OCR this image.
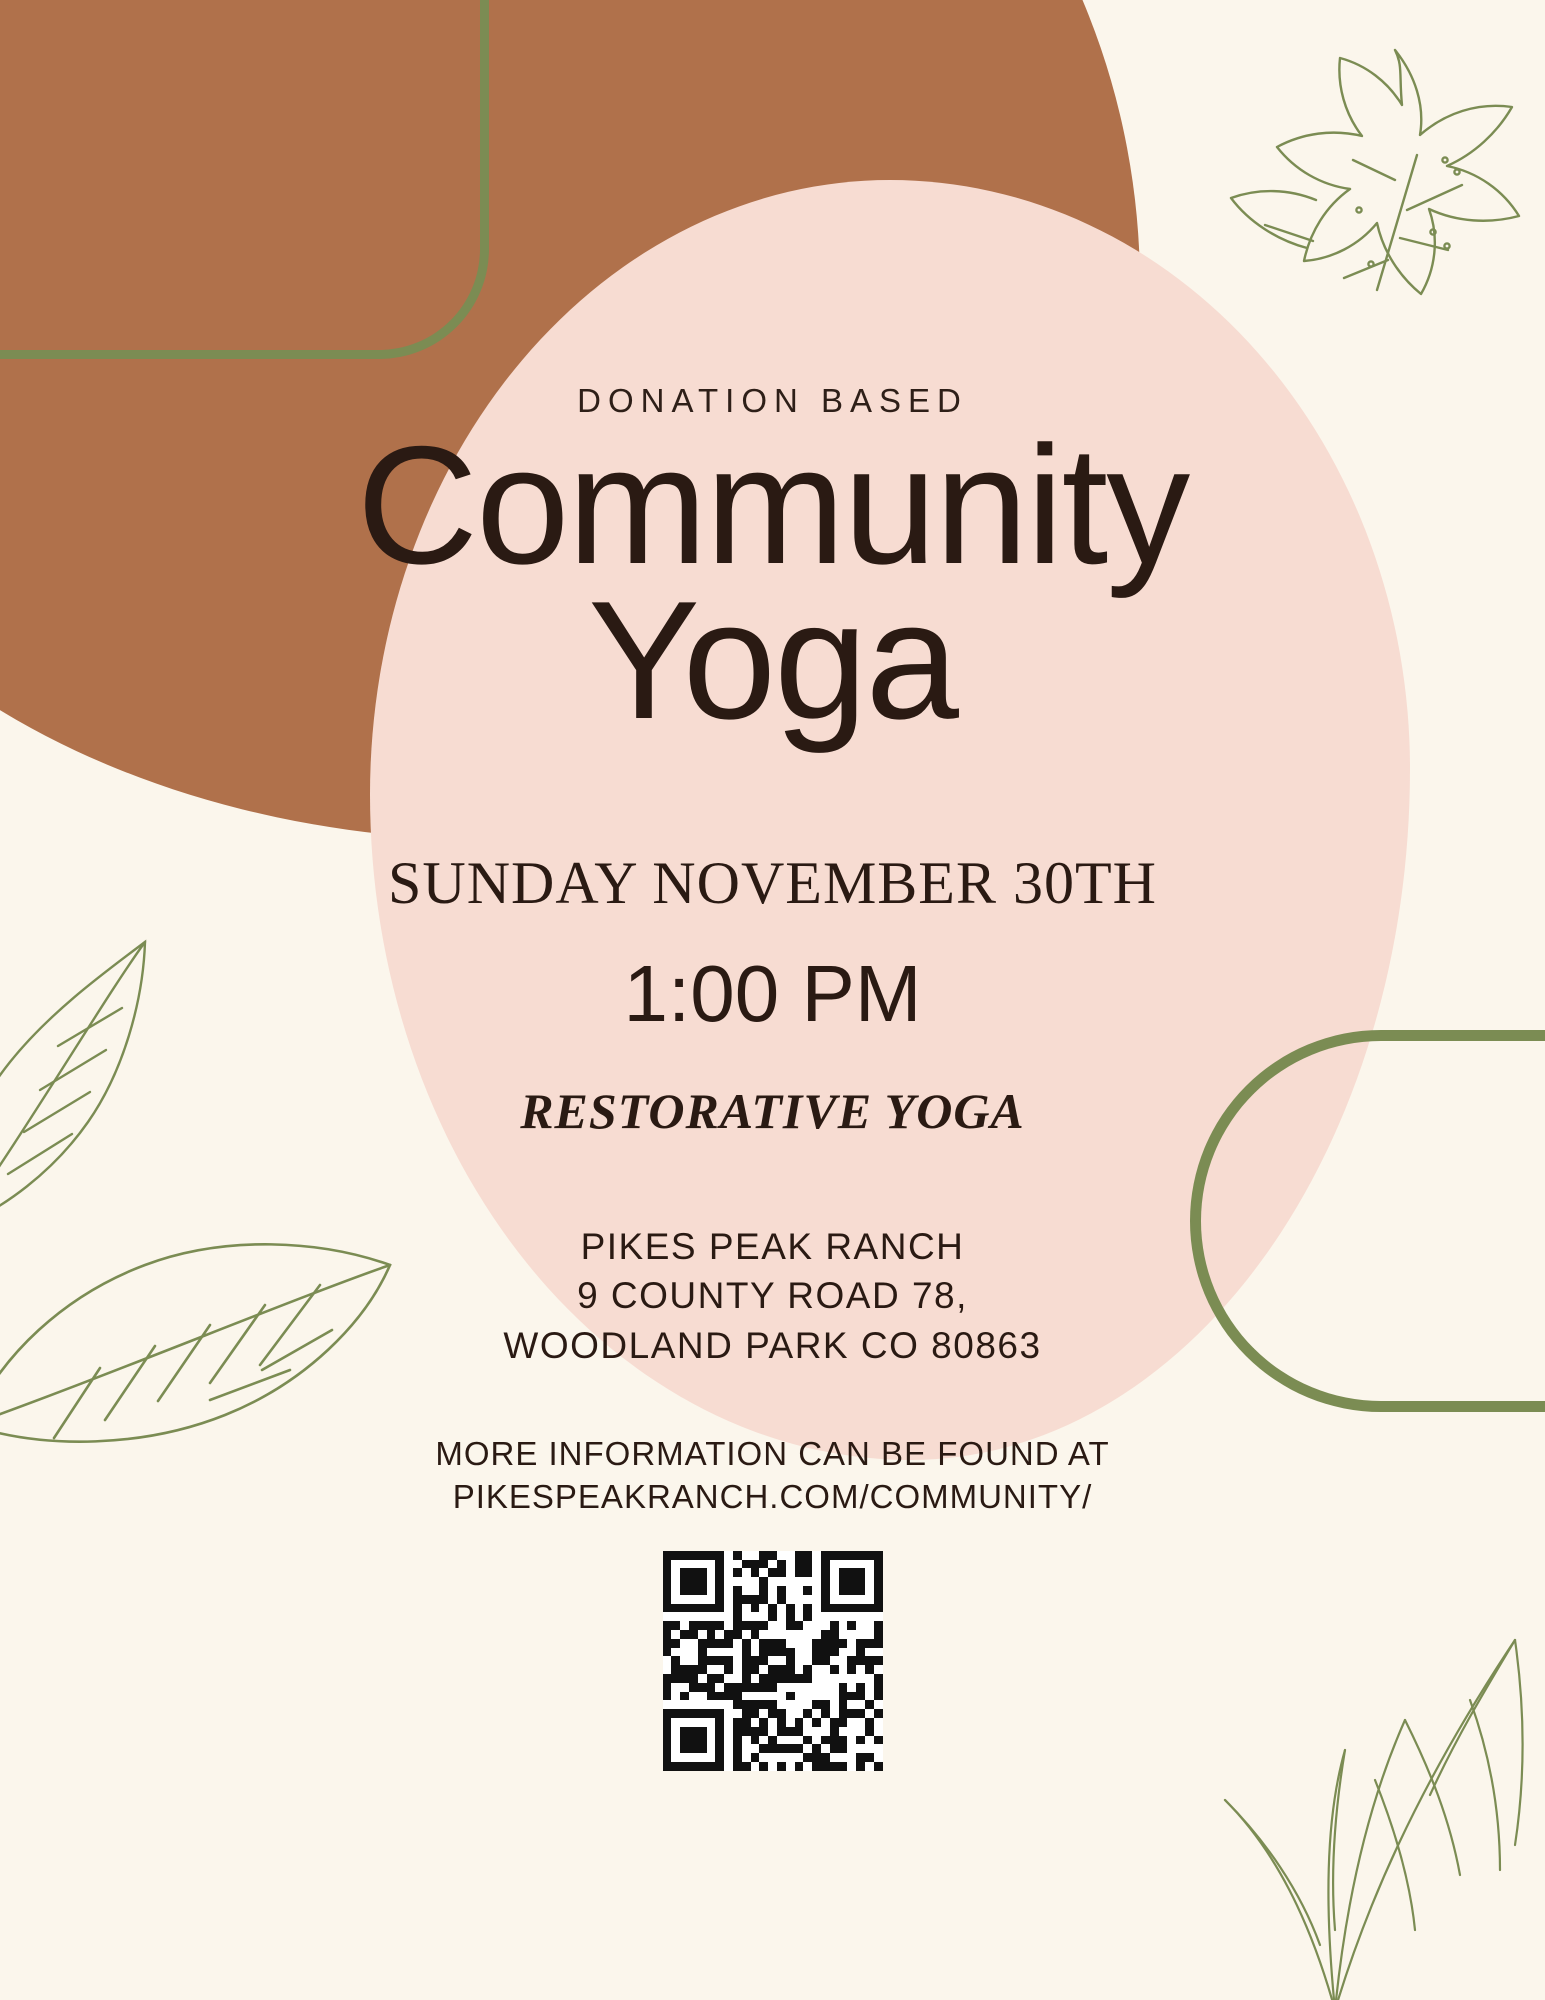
DONATION BASED
Community
Yoga
SUNDAY NOVEMBER 30TH
1:00 PM
RESTORATIVE YOGA
PIKES PEAK RANCH
9 COUNTY ROAD 78,
WOODLAND PARK CO 80863
MORE INFORMATION CAN BE FOUND AT
PIKESPEAKRANCH.COM/COMMUNITY/
